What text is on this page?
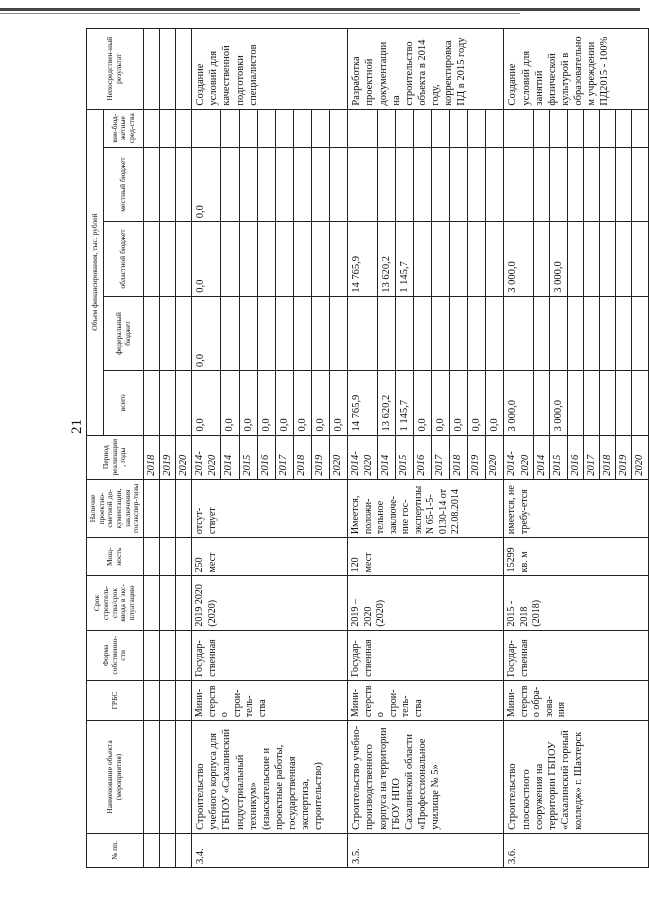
21
№ пп.	Наименование объекта (мероприятия)	ГРБС	Форма собственно-сти	Срок строитель-ства/срок ввода в экс-плуатацию	Мощ-ность	Наличие проектно-сметной до-кументации, заключения госэкспер-тизы	Период реализации, годы	Объем финансирования, тыс. рублей					Непосредствен-ный результат
								всего	федеральный бюджет	областной бюджет	местный бюджет	вне-бюд-жетные сред-ства	
							2018						
							2019						
							2020						
3.4.	Строительство учебного корпуса для ГБПОУ «Сахалинский индустриальный техникум» (изыскательские и проектные работы, государственная экспертиза, строительство)	Мини-стерство строи-тель-ства	Государ-ственная	2019 2020 (2020)	250 мест	отсут-ствует	2014-2020	0,0	0,0	0,0	0,0		Создание условий для качественной подготовки специалистов
							2014	0,0					
							2015	0,0					
							2016	0,0					
							2017	0,0					
							2018	0,0					
							2019	0,0					
							2020	0,0					
3.5.	Строительство учебно-производственного корпуса на территории ГБОУ НПО Сахалинской области «Профессиональное училище № 5»	Мини-стерство строи-тель-ства	Государ-ственная	2019 – 2020 (2020)	120 мест	Имеется, положи-тельное заключе-ние гос-экспертизы N 65-1-5-0130-14 от 22.08.2014	2014-2020	14 765,9		14 765,9			Разработка проектной документации на строительство объекта в 2014 году, корректировка ПД в 2015 году
							2014	13 620,2		13 620,2			
							2015	1 145,7		1 145,7			
							2016	0,0					
							2017	0,0					
							2018	0,0					
							2019	0,0					
							2020	0,0					
3.6.	Строительство плоскостного сооружения на территории ГБПОУ «Сахалинский горный колледж» г. Шахтерск	Мини-стерство обра-зова-ния	Государ-ственная	2015 - 2018 (2018)	15299 кв. м	имеется, не требу-ется	2014-2020	3 000,0		3 000,0			Создание условий для занятий физической культурой в образовательном учреждении ПД2015 - 100%
							2014						
							2015	3 000,0		3 000,0			
							2016						
							2017						
							2018						
							2019						
							2020						
